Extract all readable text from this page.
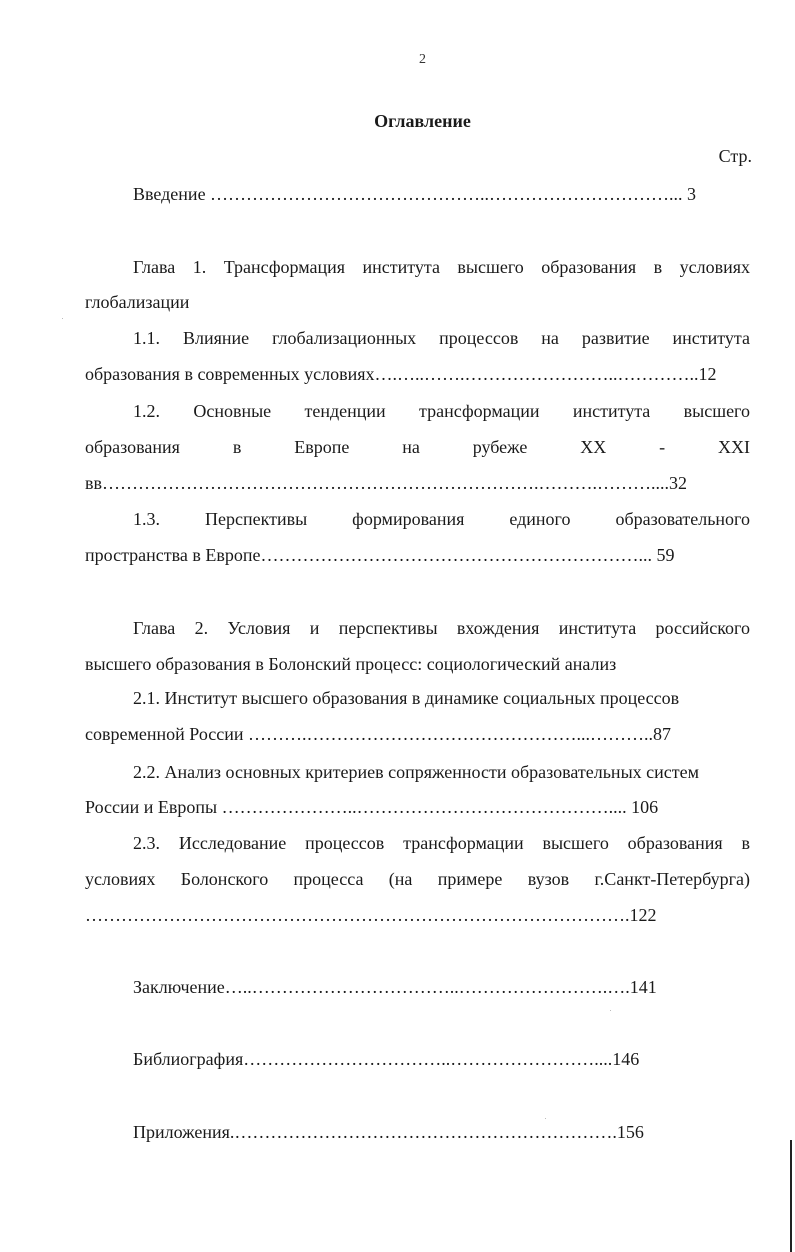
2
Оглавление
Стр.
Введение ………………………………………..…………………………... 3
Глава 1. Трансформация института высшего образования в условиях
глобализации
1.1. Влияние глобализационных процессов на развитие института
образования в современных условиях….…..…….……………………..…………..12
1.2. Основные тенденции трансформации института высшего
образования в Европе на рубеже XX - XXI
вв……………………………………………………………….……….………....32
1.3. Перспективы формирования единого образовательного
пространства в Европе………………………………………………………... 59
Глава 2. Условия и перспективы вхождения института российского
высшего образования в Болонский процесс: социологический анализ
2.1. Институт высшего образования в динамике социальных процессов
современной России ……….………………………………………...………..87
2.2. Анализ основных критериев сопряженности образовательных систем
России и Европы …………………..…………………………………….... 106
2.3. Исследование процессов трансформации высшего образования в
условиях Болонского процесса (на примере вузов г.Санкт-Петербурга)
……………………………………………………………………………….122
Заключение…..……………………………..…………………….….141
Библиография……………………………..……………………....146
Приложения.……………………………………………………….156
